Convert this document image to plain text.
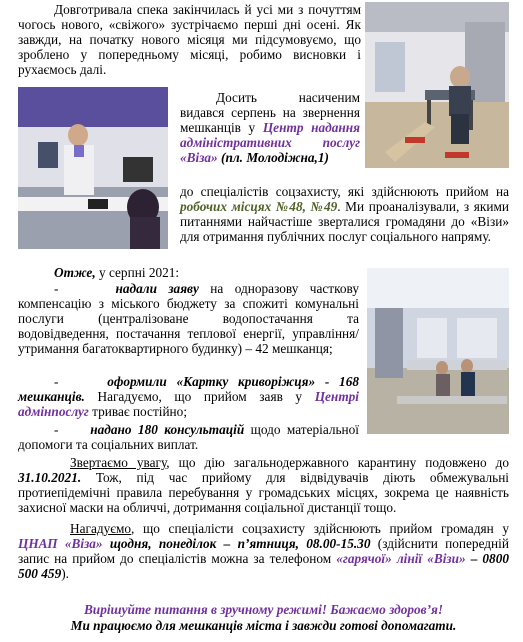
Довготривала спека закінчилась й усі ми з почуттям чогось нового, «свіжого» зустрічаємо перші дні осені. Як завжди, на початку нового місяця ми підсумовуємо, що зроблено у попередньому місяці, робимо висновки і рухаємось далі.
Досить насиченим видався серпень на звернення мешканців у Центр надання адміністративних послуг «Віза» (пл. Молодіжна,1)
до спеціалістів соцзахисту, які здійснюють прийом на робочих місцях №48, №49. Ми проаналізували, з якими питаннями найчастіше зверталися громадяни до «Візи» для отримання публічних послуг соціального напряму.
Отже, у серпні 2021:
-	надали заяву на одноразову часткову компенсацію з міського бюджету за спожиті комунальні послуги (централізоване водопостачання та водовідведення, постачання теплової енергії, управління/утримання багатоквартирного будинку) – 42 мешканця;
-	оформили «Картку криворіжця» - 168 мешканців. Нагадуємо, що прийом заяв у Центрі адмінпослуг триває постійно;
- надано 180 консультацій щодо матеріальної допомоги та соціальних виплат.
Звертаємо увагу, що дію загальнодержавного карантину подовжено до 31.10.2021. Тож, під час прийому для відвідувачів діють обмежувальні протиепідемічні правила перебування у громадських місцях, зокрема це наявність захисної маски на обличчі, дотримання соціальної дистанції тощо.
Нагадуємо, що спеціалісти соцзахисту здійснюють прийом громадян у ЦНАП «Віза» щодня, понеділок – п’ятниця, 08.00-15.30 (здійснити попередній запис на прийом до спеціалістів можна за телефоном «гарячої» лінії «Візи» – 0800 500 459).
Вирішуйте питання в зручному режимі! Бажаємо здоров’я!
Ми працюємо для мешканців міста і завжди готові допомагати.
